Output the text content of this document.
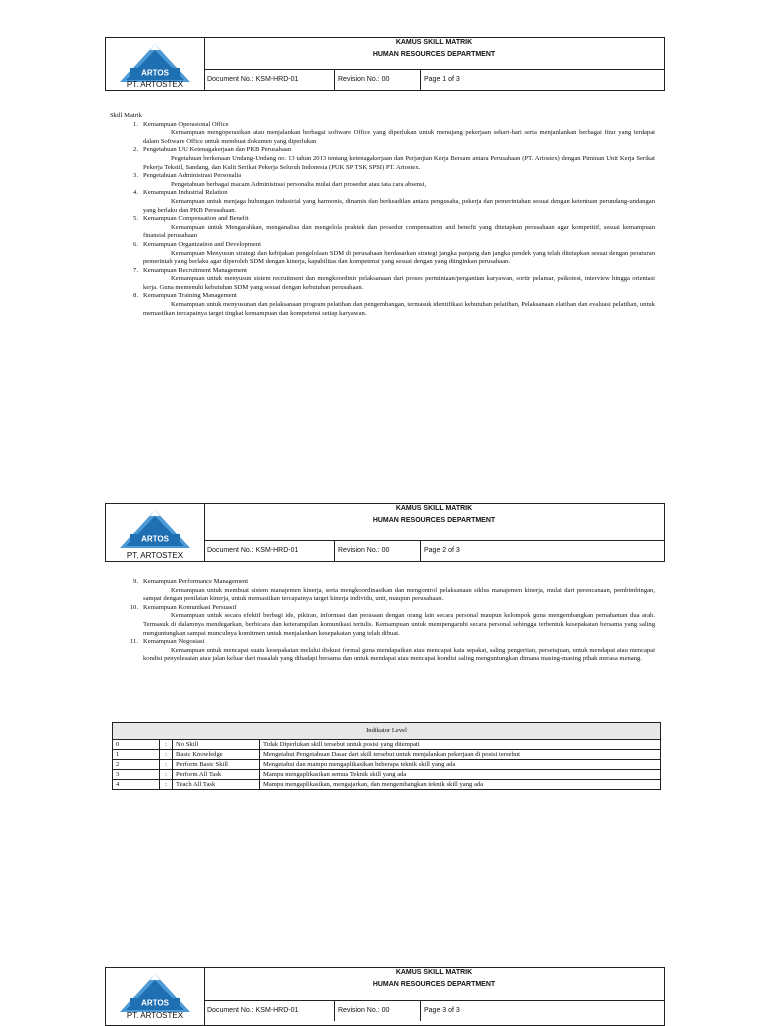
ARTOS
PT. ARTOSTEX
KAMUS SKILL MATRIK
HUMAN RESOURCES DEPARTMENT
Document No.: KSM-HRD-01	Revision No.: 00	Page 1 of 3
Skill Matrik
1. Kemampuan Operasional Office
Kemampuan mengoperasikan atau menjalankan berbagai software Office yang diperlukan untuk menujang pekerjaan sehari-hari serta menjanlankan berbagai fitur yang terdapat dalam Software Office untuk membuat dokumen yang diperlukan
2. Pengetahuan UU Ketenagakerjaan dan PKB Perusahaan
Pegetahuan berkenaan Undang-Undang no. 13 tahun 2013 tentang ketenagakerjaan dan Perjanjian Kerja Bersam antara Perusahaan (PT. Artostex) dengan Piminan Unit Kerja Serikat Pekerja Tekstil, Sandang, dan Kulit Serikat Pekerja Seluruh Indonesia (PUK SP TSK SPSI) PT. Artostex.
3. Pengetahuan Administrasi Personalia
Pengetahuan berbagai macam Administrasi personalia mulai dari prosedur atau tata cara absensi,
4. Kemampuan Industrial Relation
Kemampuan untuk menjaga hubungan industrial yang harmonis, dinamis dan berkeadilan antara pengusaha, pekerja dan pemerintahan sesuai dengan ketentuan perundang-undangan yang berlaku dan PKB Perusahaan.
5. Kemampuan Compensation and Benefit
Kemampuan untuk Mengarahkan, menganalisa dan mengelola praktek dan prosedur compensation and benefit yang ditetapkan perusahaan agar kompetitif, sesuai kemampuan finansial perusahaan
6. Kemampuan Organization and Development
Kemampuan Menyusun strategi dan kebijakan pengelolaan SDM di perusahaan berdasarkan strategi jangka panjang dan jangka pendek yang telah ditetapkan sesuai dengan peraturan pemerintah yang berlaku agar diperoleh SDM dengan kinerja, kapabilitas dan kompetensi yang sesuai dengan yang diinginkan perusahaan.
7. Kemampuan Recruitment Management
Kemampuan untuk menyusun sistem recruitment dan mengkoordinir pelaksanaan dari proses permintaan/pergantian karyawan, sortir pelamar, psikotest, interview hingga orientasi kerja. Guna memenuhi kebutuhan SDM yang sesuai dengan kebutuhan perusahaan.
8. Kemampuan Training Management
Kemampuan untuk menyusunan dan pelaksanaan program pelatihan dan pengembangan, termasuk identifikasi kebutuhan pelatihan, Pelaksanaan elatihan dan evaluasi pelatihan, untuk memastikan tercapainya target tingkat kemampuan dan kompetensi setiap karyawan.
ARTOS
PT. ARTOSTEX
KAMUS SKILL MATRIK
HUMAN RESOURCES DEPARTMENT
Document No.: KSM-HRD-01	Revision No.: 00	Page 2 of 3
9. Kemampuan Performance Management
Kemampuan untuk membuat sistem manajemen kinerja, serta mengkoordinasikan dan mengontrol pelaksanaan siklus manajemen kinerja, mulai dari perencanaan, pembimbingan, sampai dengan penilaian kinerja, untuk memastikan tercapainya target kinerja individu, unit, maupun perusahaan.
10. Kemampuan Komunikasi Persuasif
Kemampuan untuk secara efektif berbagi ide, pikiran, informasi dan perasaan dengan orang lain secara personal maupun kelompok guna mengembangkan pemahaman dua arah. Termasuk di dalamnya mendegarkan, berbicara dan keterampilan komunikasi tertulis. Kemampuan untuk mempengaruhi secara personal sehingga terbentuk kesepakatan bersama yang saling menguntungkan sampai munculnya komitmen untuk menjalankan kesepakatan yang telah dibuat.
11. Kemampuan Negosiasi
Kemampuan untuk mencapai suatu kesepakatan melalui diskusi formal guna mendapatkan atau mencapai kata sepakat, saling pengertian, persetujuan, untuk mendapat atau mencapai kondisi penyelesaian atau jalan keluar dari masalah yang dihadapi bersama dan untuk mendapat atau mencapai kondisi saling menguntungkan dimana masing-masing pihak merasa menang.
Indikator Level			
0	:	No Skill	Tidak Diperlukan skill tersebut untuk posisi yang ditempati
1	:	Basic Knowledge	Mengetahui Pengetahuan Dasar dari skill tersebut untuk menjalankan pekerjaan di posisi tersebut
2	:	Perform Basic Skill	Mengetahui dan mampu mengaplikasikan beberapa teknik skill yang ada
3	:	Perform All Task	Mampu mengaplikasikan semua Teknik skill yang ada
4	:	Teach All Task	Mampu mengaplikasikan, mengajarkan, dan mengembangkan teknik skill yang ada
ARTOS
PT. ARTOSTEX
KAMUS SKILL MATRIK
HUMAN RESOURCES DEPARTMENT
Document No.: KSM-HRD-01	Revision No.: 00	Page 3 of 3
